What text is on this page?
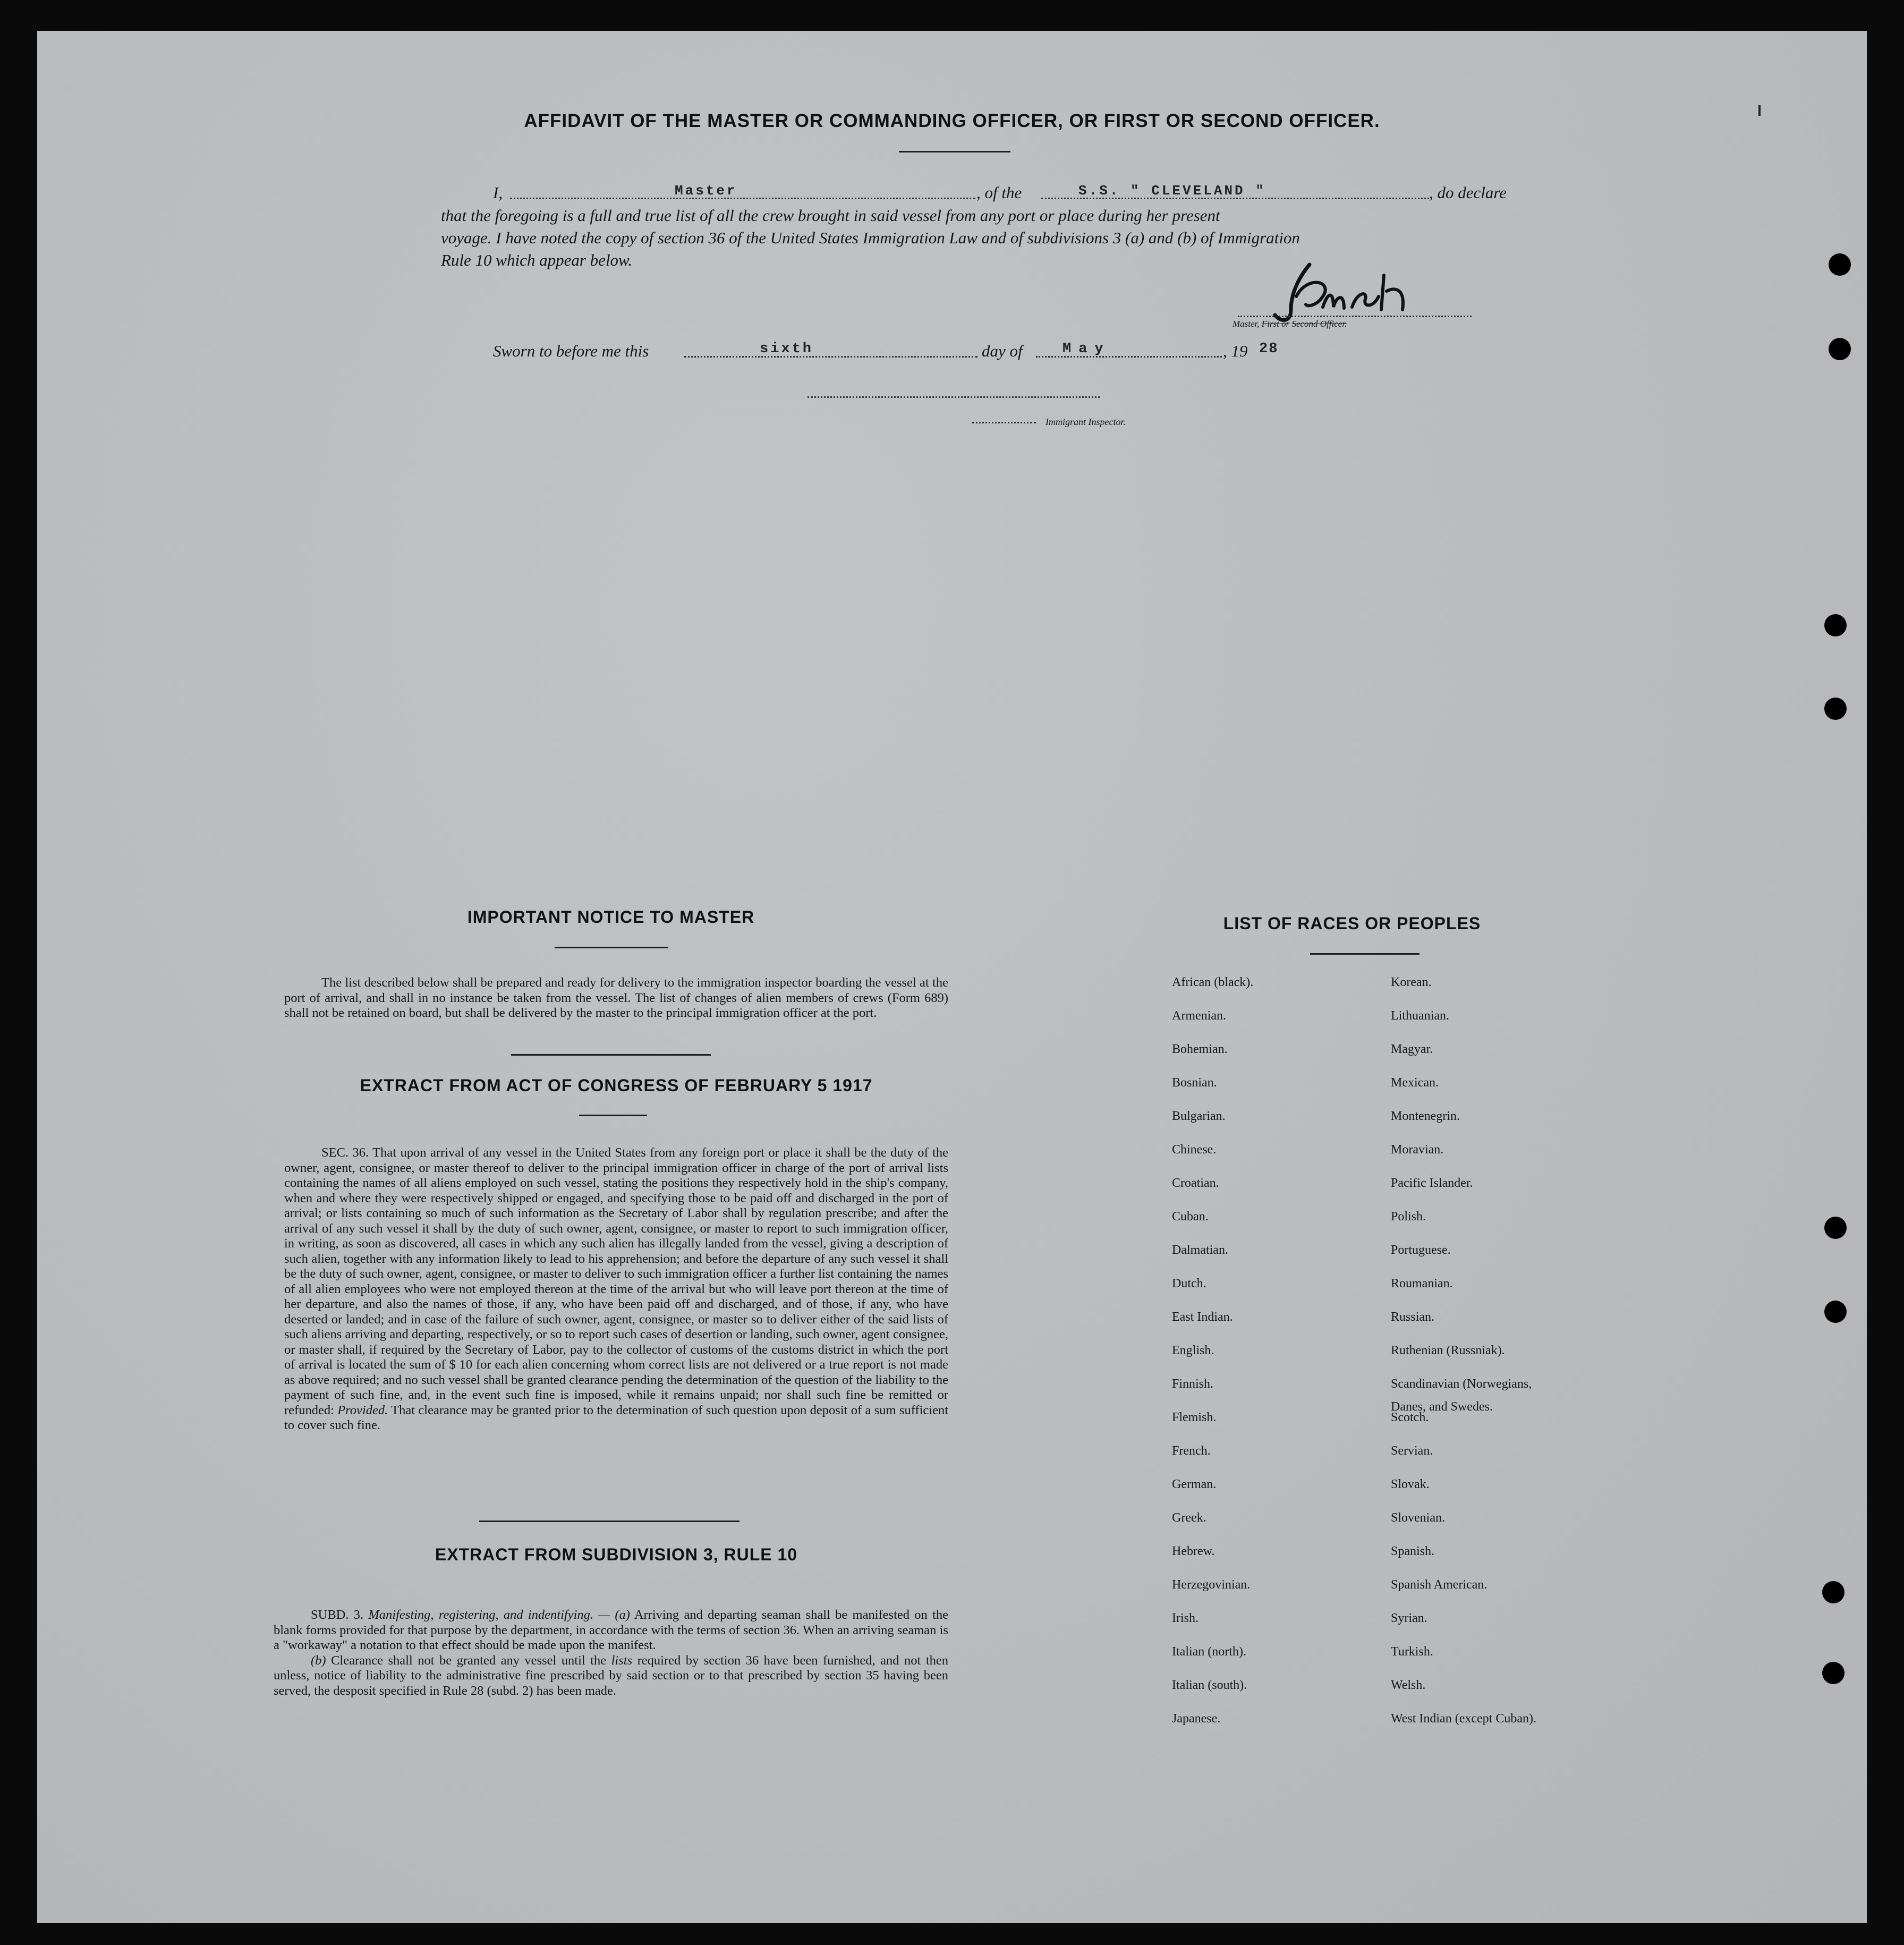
AFFIDAVIT OF THE MASTER OR COMMANDING OFFICER, OR FIRST OR SECOND OFFICER.
I,	Master	, of the	S.S. " CLEVELAND "	, do declare
that the foregoing is a full and true list of all the crew brought in said vessel from any port or place during her present
voyage. I have noted the copy of section 36 of the United States Immigration Law and of subdivisions 3 (a) and (b) of Immigration
Rule 10 which appear below.
Master, First or Second Officer.
Sworn to before me this	sixth	day of	May	, 19 28
Immigrant Inspector.
IMPORTANT NOTICE TO MASTER

The list described below shall be prepared and ready for delivery to the immigration inspector boarding the vessel at the port of arrival, and shall in no instance be taken from the vessel. The list of changes of alien members of crews (Form 689) shall not be retained on board, but shall be delivered by the master to the principal immigration officer at the port.

EXTRACT FROM ACT OF CONGRESS OF FEBRUARY 5 1917

SEC. 36. That upon arrival of any vessel in the United States from any foreign port or place it shall be the duty of the owner, agent, consignee, or master thereof to deliver to the principal immigration officer in charge of the port of arrival lists containing the names of all aliens employed on such vessel, stating the positions they respectively hold in the ship's company, when and where they were respectively shipped or engaged, and specifying those to be paid off and discharged in the port of arrival; or lists containing so much of such information as the Secretary of Labor shall by regulation prescribe; and after the arrival of any such vessel it shall by the duty of such owner, agent, consignee, or master to report to such immigration officer, in writing, as soon as discovered, all cases in which any such alien has illegally landed from the vessel, giving a description of such alien, together with any information likely to lead to his apprehension; and before the departure of any such vessel it shall be the duty of such owner, agent, consignee, or master to deliver to such immigration officer a further list containing the names of all alien employees who were not employed thereon at the time of the arrival but who will leave port thereon at the time of her departure, and also the names of those, if any, who have been paid off and discharged, and of those, if any, who have deserted or landed; and in case of the failure of such owner, agent, consignee, or master so to deliver either of the said lists of such aliens arriving and departing, respectively, or so to report such cases of desertion or landing, such owner, agent consignee, or master shall, if required by the Secretary of Labor, pay to the collector of customs of the customs district in which the port of arrival is located the sum of $ 10 for each alien concerning whom correct lists are not delivered or a true report is not made as above required; and no such vessel shall be granted clearance pending the determination of the question of the liability to the payment of such fine, and, in the event such fine is imposed, while it remains unpaid; nor shall such fine be remitted or refunded: Provided. That clearance may be granted prior to the determination of such question upon deposit of a sum sufficient to cover such fine.

EXTRACT FROM SUBDIVISION 3, RULE 10

SUBD. 3. Manifesting, registering, and indentifying. — (a) Arriving and departing seaman shall be manifested on the blank forms provided for that purpose by the department, in accordance with the terms of section 36. When an arriving seaman is a "workaway" a notation to that effect should be made upon the manifest.

(b) Clearance shall not be granted any vessel until the lists required by section 36 have been furnished, and not then unless, notice of liability to the administrative fine prescribed by said section or to that prescribed by section 35 having been served, the desposit specified in Rule 28 (subd. 2) has been made.

LIST OF RACES OR PEOPLES
African (black).
Armenian.
Bohemian.
Bosnian.
Bulgarian.
Chinese.
Croatian.
Cuban.
Dalmatian.
Dutch.
East Indian.
English.
Finnish.
Flemish.
French.
German.
Greek.
Hebrew.
Herzegovinian.
Irish.
Italian (north).
Italian (south).
Japanese.
Korean.
Lithuanian.
Magyar.
Mexican.
Montenegrin.
Moravian.
Pacific Islander.
Polish.
Portuguese.
Roumanian.
Russian.
Ruthenian (Russniak).
Scandinavian (Norwegians,
Scotch.
Servian.
Slovak.
Slovenian.
Spanish.
Spanish American.
Syrian.
Turkish.
Welsh.
West Indian (except Cuban).
Danes, and Swedes.
